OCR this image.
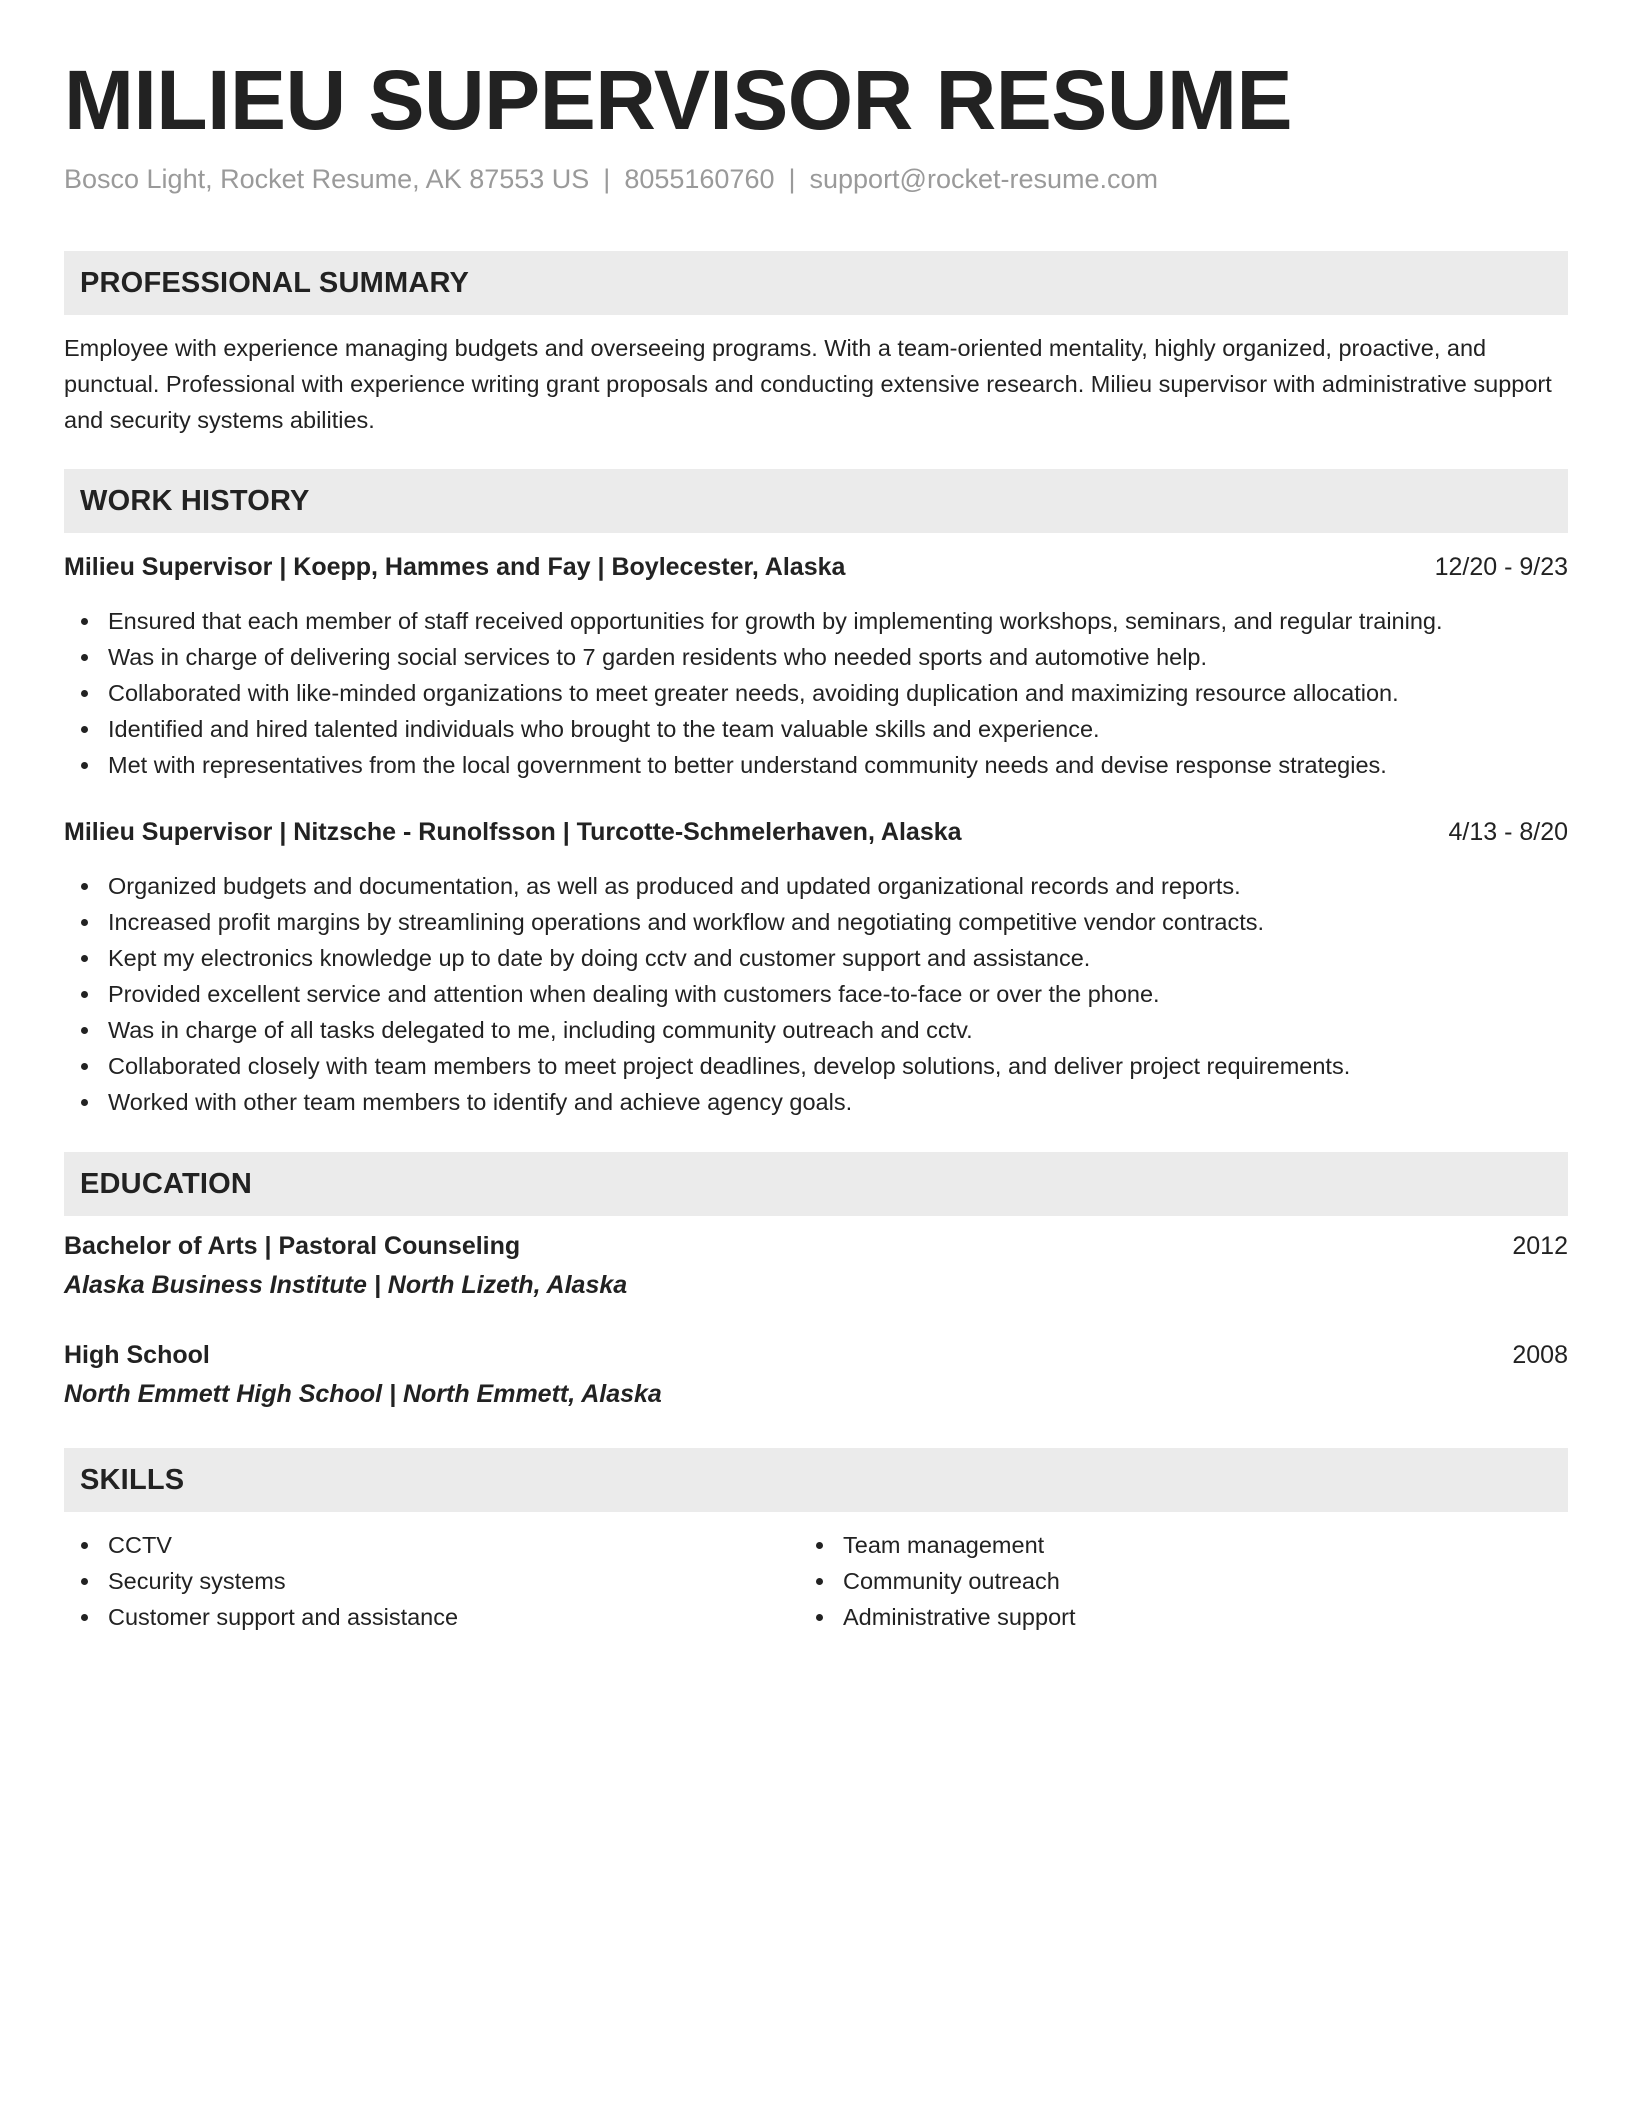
MILIEU SUPERVISOR RESUME
Bosco Light, Rocket Resume, AK 87553 US | 8055160760 | support@rocket-resume.com
PROFESSIONAL SUMMARY

Employee with experience managing budgets and overseeing programs. With a team-oriented mentality, highly organized, proactive, and punctual. Professional with experience writing grant proposals and conducting extensive research. Milieu supervisor with administrative support and security systems abilities.

WORK HISTORY
Milieu Supervisor | Koepp, Hammes and Fay | Boylecester, Alaska	12/20 - 9/23
Ensured that each member of staff received opportunities for growth by implementing workshops, seminars, and regular training.
Was in charge of delivering social services to 7 garden residents who needed sports and automotive help.
Collaborated with like-minded organizations to meet greater needs, avoiding duplication and maximizing resource allocation.
Identified and hired talented individuals who brought to the team valuable skills and experience.
Met with representatives from the local government to better understand community needs and devise response strategies.
Milieu Supervisor | Nitzsche - Runolfsson | Turcotte-Schmelerhaven, Alaska	4/13 - 8/20
Organized budgets and documentation, as well as produced and updated organizational records and reports.
Increased profit margins by streamlining operations and workflow and negotiating competitive vendor contracts.
Kept my electronics knowledge up to date by doing cctv and customer support and assistance.
Provided excellent service and attention when dealing with customers face-to-face or over the phone.
Was in charge of all tasks delegated to me, including community outreach and cctv.
Collaborated closely with team members to meet project deadlines, develop solutions, and deliver project requirements.
Worked with other team members to identify and achieve agency goals.
EDUCATION
Bachelor of Arts | Pastoral Counseling	2012
Alaska Business Institute | North Lizeth, Alaska
High School	2008
North Emmett High School | North Emmett, Alaska
SKILLS
CCTV
Security systems
Customer support and assistance
Team management
Community outreach
Administrative support
